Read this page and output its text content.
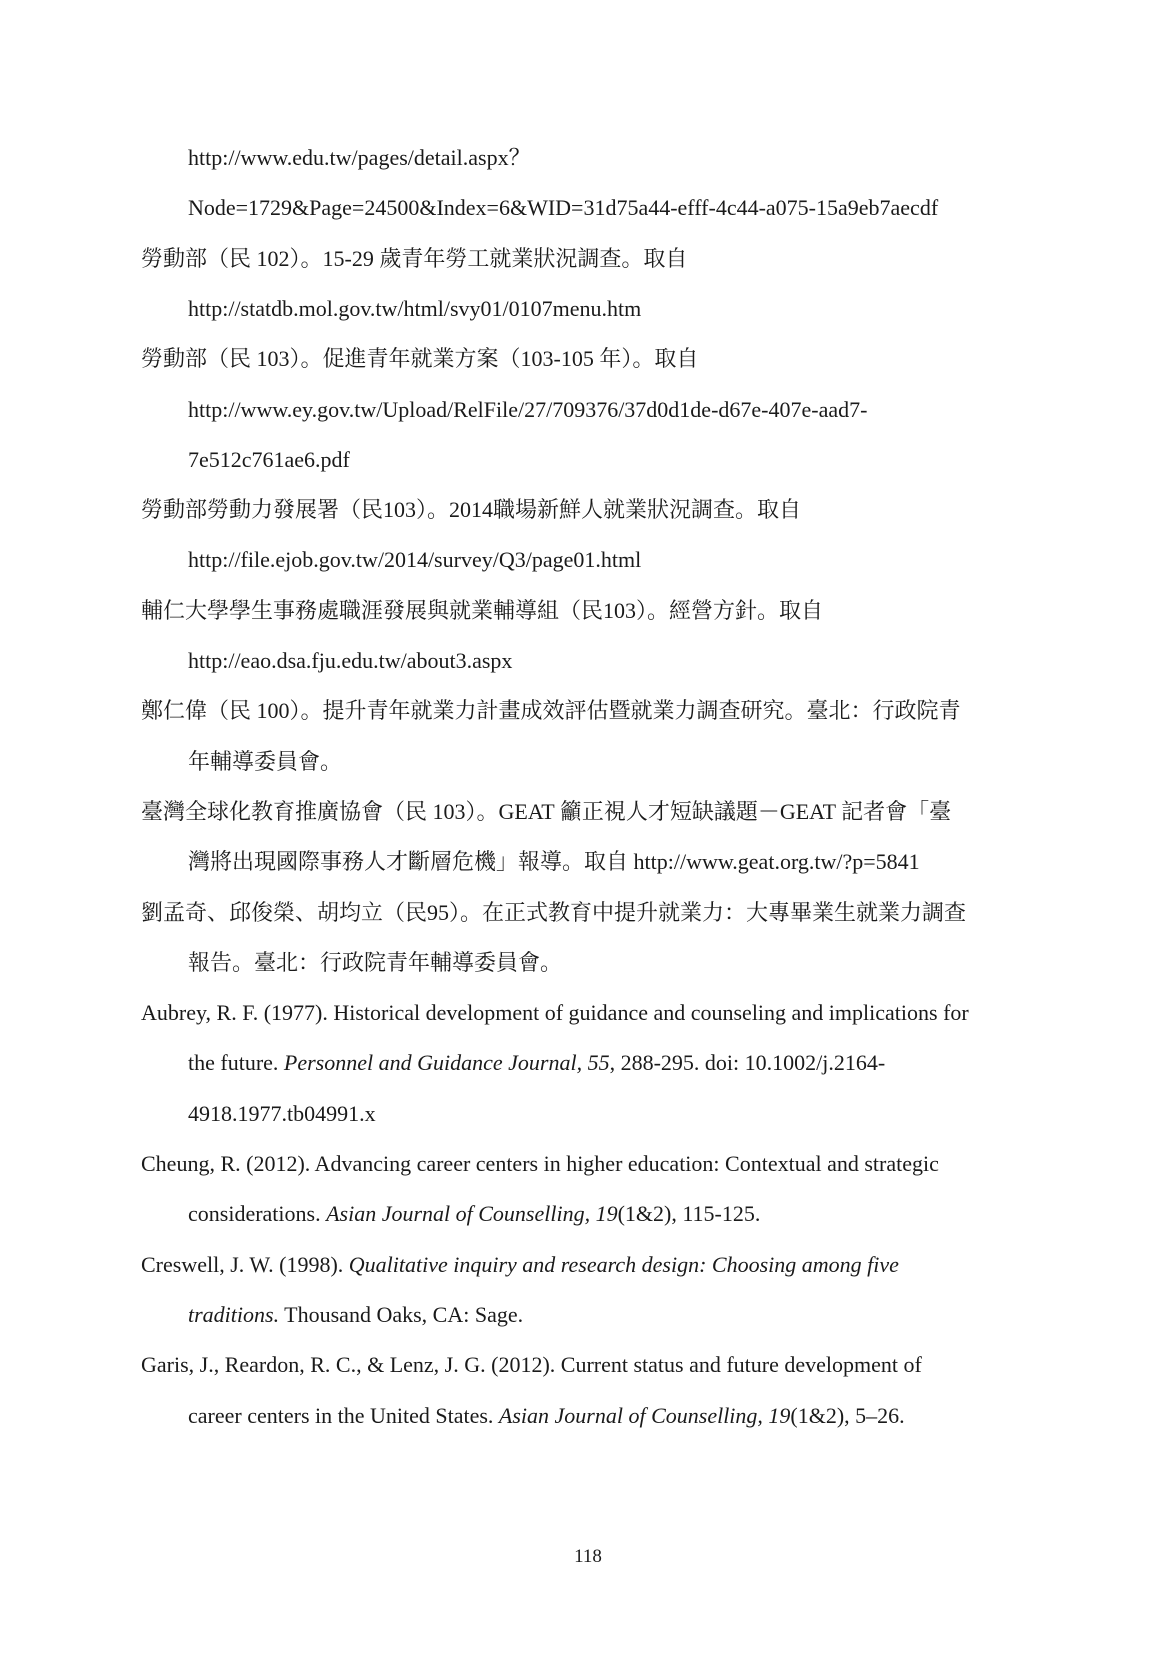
http://www.edu.tw/pages/detail.aspx？

Node=1729&Page=24500&Index=6&WID=31d75a44-efff-4c44-a075-15a9eb7aecdf

勞動部（民 102）。15-29 歲青年勞工就業狀況調查。取自

http://statdb.mol.gov.tw/html/svy01/0107menu.htm

勞動部（民 103）。促進青年就業方案（103-105 年）。取自

http://www.ey.gov.tw/Upload/RelFile/27/709376/37d0d1de-d67e-407e-aad7-

7e512c761ae6.pdf

勞動部勞動力發展署（民103）。2014職場新鮮人就業狀況調查。取自

http://file.ejob.gov.tw/2014/survey/Q3/page01.html

輔仁大學學生事務處職涯發展與就業輔導組（民103）。經營方針。取自

http://eao.dsa.fju.edu.tw/about3.aspx

鄭仁偉（民 100）。提升青年就業力計畫成效評估暨就業力調查研究。臺北：行政院青

年輔導委員會。

臺灣全球化教育推廣協會（民 103）。GEAT 籲正視人才短缺議題－GEAT 記者會「臺

灣將出現國際事務人才斷層危機」報導。取自 http://www.geat.org.tw/?p=5841

劉孟奇、邱俊榮、胡均立（民95）。在正式教育中提升就業力：大專畢業生就業力調查

報告。臺北：行政院青年輔導委員會。

Aubrey, R. F. (1977). Historical development of guidance and counseling and implications for

the future. Personnel and Guidance Journal, 55, 288-295. doi: 10.1002/j.2164-

4918.1977.tb04991.x

Cheung, R. (2012). Advancing career centers in higher education: Contextual and strategic

considerations. Asian Journal of Counselling, 19(1&2), 115-125.

Creswell, J. W. (1998). Qualitative inquiry and research design: Choosing among five

traditions. Thousand Oaks, CA: Sage.

Garis, J., Reardon, R. C., & Lenz, J. G. (2012). Current status and future development of

career centers in the United States. Asian Journal of Counselling, 19(1&2), 5–26.

118
